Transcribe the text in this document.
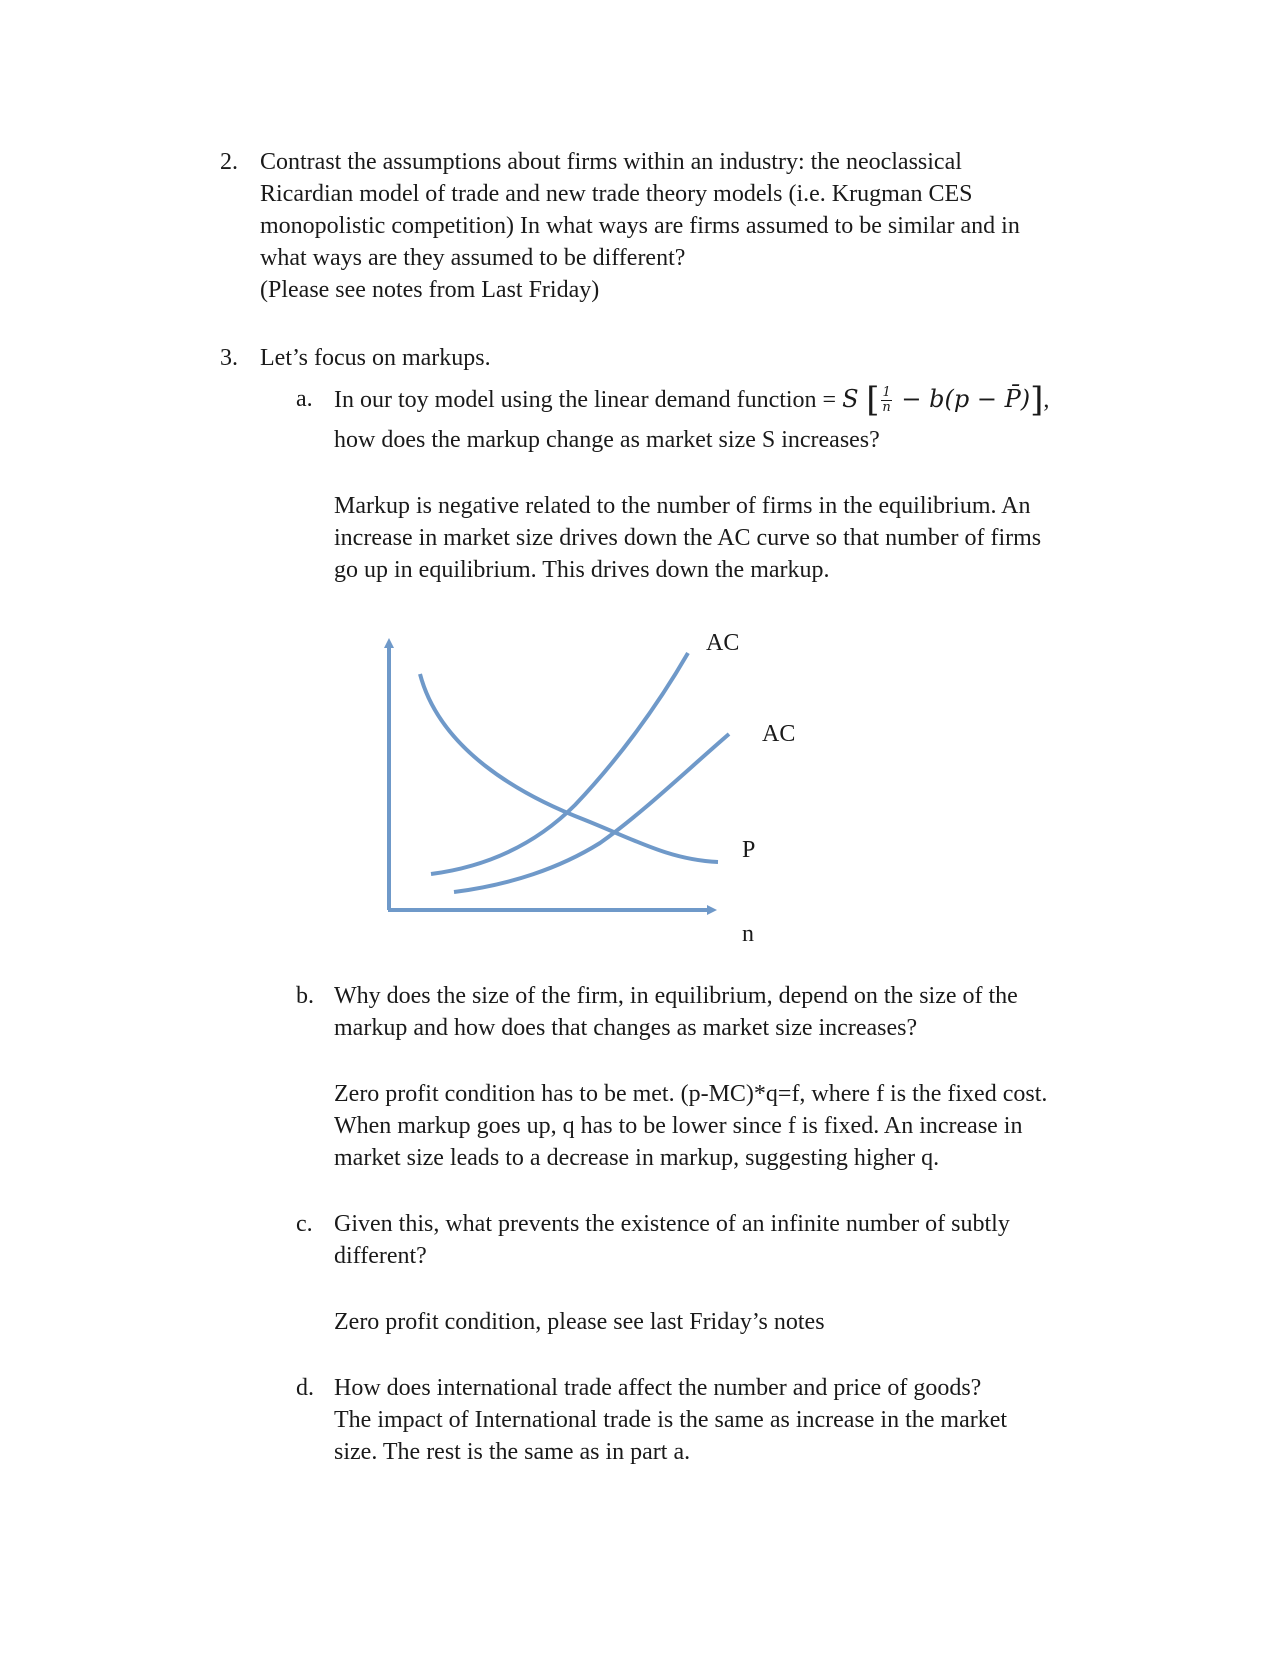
2. Contrast the assumptions about firms within an industry: the neoclassical
Ricardian model of trade and new trade theory models (i.e. Krugman CES
monopolistic competition) In what ways are firms assumed to be similar and in
what ways are they assumed to be different?
(Please see notes from Last Friday)
3. Let’s focus on markups.
a. In our toy model using the linear demand function = S [ $\frac{1}{n} - b(p$ − P̄)],
how does the markup change as market size S increases?
Markup is negative related to the number of firms in the equilibrium. An
increase in market size drives down the AC curve so that number of firms
go up in equilibrium. This drives down the markup.
AC
AC
P
n
b. Why does the size of the firm, in equilibrium, depend on the size of the
markup and how does that changes as market size increases?
Zero profit condition has to be met. (p-MC)*q=f, where f is the fixed cost.
When markup goes up, q has to be lower since f is fixed. An increase in
market size leads to a decrease in markup, suggesting higher q.
c. Given this, what prevents the existence of an infinite number of subtly
different?
Zero profit condition, please see last Friday’s notes
d. How does international trade affect the number and price of goods?
The impact of International trade is the same as increase in the market
size. The rest is the same as in part a.
